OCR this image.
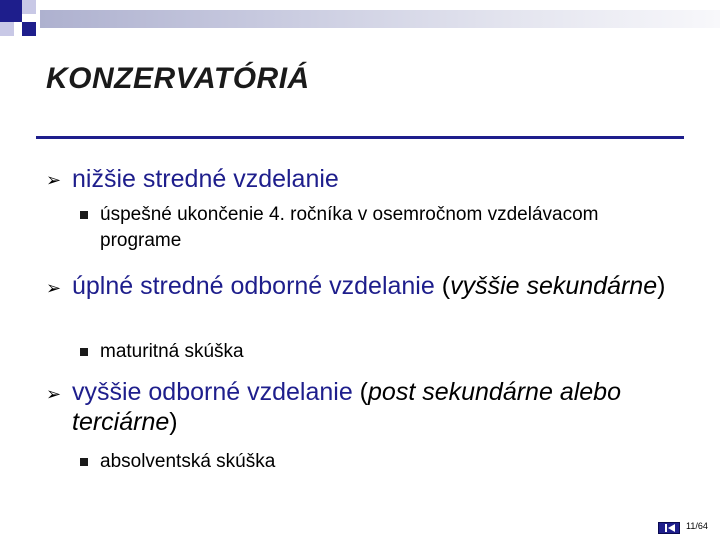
KONZERVATÓRIÁ
➢ nižšie stredné vzdelanie
úspešné ukončenie 4. ročníka v osemročnom vzdelávacom programe
➢ úplné stredné odborné vzdelanie (vyššie sekundárne)
maturitná skúška
➢ vyššie odborné vzdelanie (post sekundárne alebo terciárne)
absolventská skúška
11/64
